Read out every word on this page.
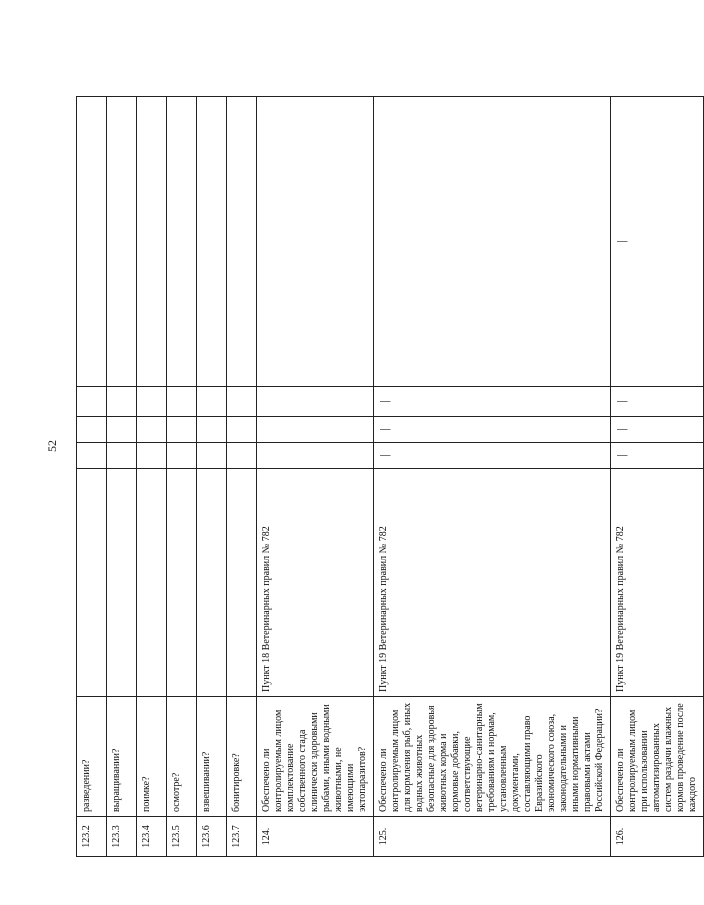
52
123.2	разведении?					
123.3	выращивании?					
123.4	поимке?					
123.5	осмотре?					
123.6	взвешивании?					
123.7	бонитировке?					
124.	Обеспечено ли контролируемым лицом комплектование собственного стада клинически здоровыми рыбами, иными водными животными, не имеющими эктопаразитов?	Пункт 18 Ветеринарных правил № 782				
125.	Обеспечено ли контролируемым лицом для кормления рыб, иных водных животных безопасные для здоровья животных корма и кормовые добавки, соответствующие ветеринарно-санитарным требованиям и нормам, установленным документами, составляющими право Евразийского экономического союза, законодательными и иными нормативными правовыми актами Российской Федерации?	Пункт 19 Ветеринарных правил № 782	|	|	|	
126.	Обеспечено ли контролируемым лицом при использовании автоматизированных систем раздачи влажных кормов проведение после каждого	Пункт 19 Ветеринарных правил № 782	|	|	|	|
